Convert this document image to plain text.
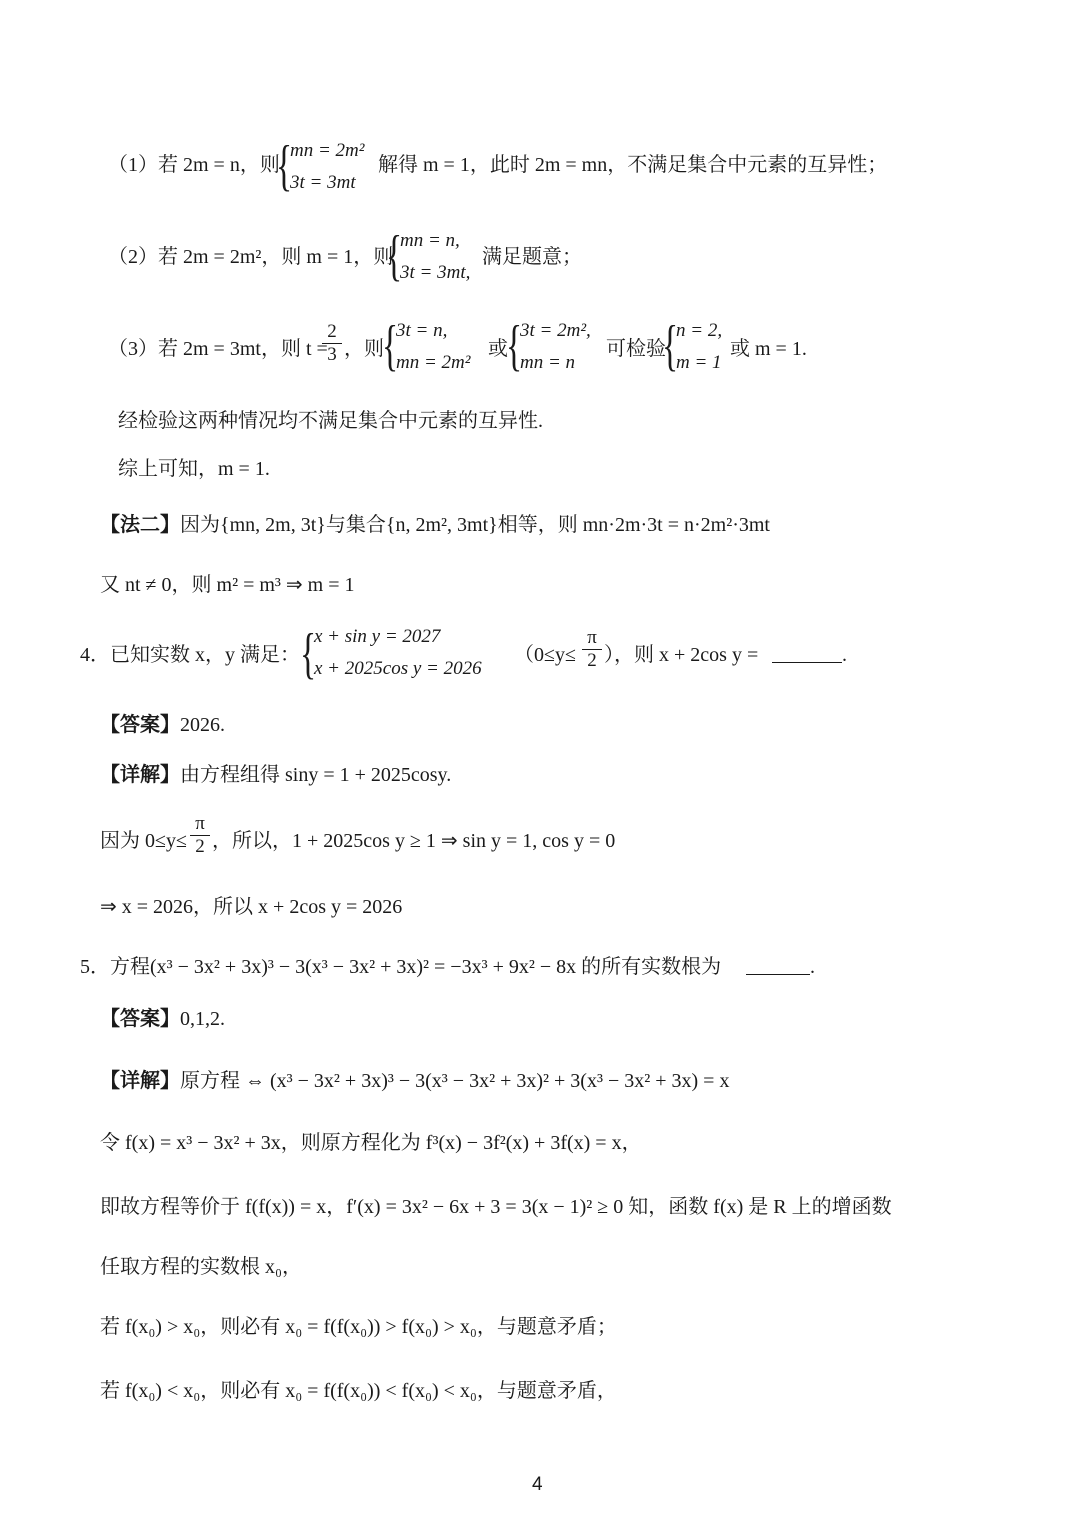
（1）若 2m = n，则
{
mn = 2m²
3t = 3mt
解得 m = 1，此时 2m = mn，不满足集合中元素的互异性；
（2）若 2m = 2m²，则 m = 1，则
{
mn = n,
3t = 3mt,
满足题意；
（3）若 2m = 3mt，则 t =
2
3 ，则
{
3t = n,
mn = 2m²
或
{
3t = 2m²,
mn = n
可检验
{
n = 2,
m = 1
或 m = 1.
经检验这两种情况均不满足集合中元素的互异性.
综上可知，m = 1.
【法二】因为{mn, 2m, 3t}与集合{n, 2m², 3mt}相等，则 mn·2m·3t = n·2m²·3mt
又 nt ≠ 0，则 m² = m³ ⇒ m = 1
4．已知实数 x，y 满足： {
x + sin y = 2027
x + 2025cos y = 2026
（0≤y≤
π
2 ），则 x + 2cos y =	.
【答案】2026.
【详解】由方程组得 siny = 1 + 2025cosy.
因为 0≤y≤
π
2 ，所以，1 + 2025cos y ≥ 1 ⇒ sin y = 1, cos y = 0
⇒ x = 2026，所以 x + 2cos y = 2026
5．方程(x³ − 3x² + 3x)³ − 3(x³ − 3x² + 3x)² = −3x³ + 9x² − 8x 的所有实数根为	.
【答案】0,1,2.
【详解】原方程 ⇔ (x³ − 3x² + 3x)³ − 3(x³ − 3x² + 3x)² + 3(x³ − 3x² + 3x) = x
令 f(x) = x³ − 3x² + 3x，则原方程化为 f³(x) − 3f²(x) + 3f(x) = x，
即故方程等价于 f(f(x)) = x，f′(x) = 3x² − 6x + 3 = 3(x − 1)² ≥ 0 知，函数 f(x) 是 R 上的增函数
任取方程的实数根 x₀，
若 f(x₀) > x₀，则必有 x₀ = f(f(x₀)) > f(x₀) > x₀，与题意矛盾；
若 f(x₀) < x₀，则必有 x₀ = f(f(x₀)) < f(x₀) < x₀，与题意矛盾，
4
